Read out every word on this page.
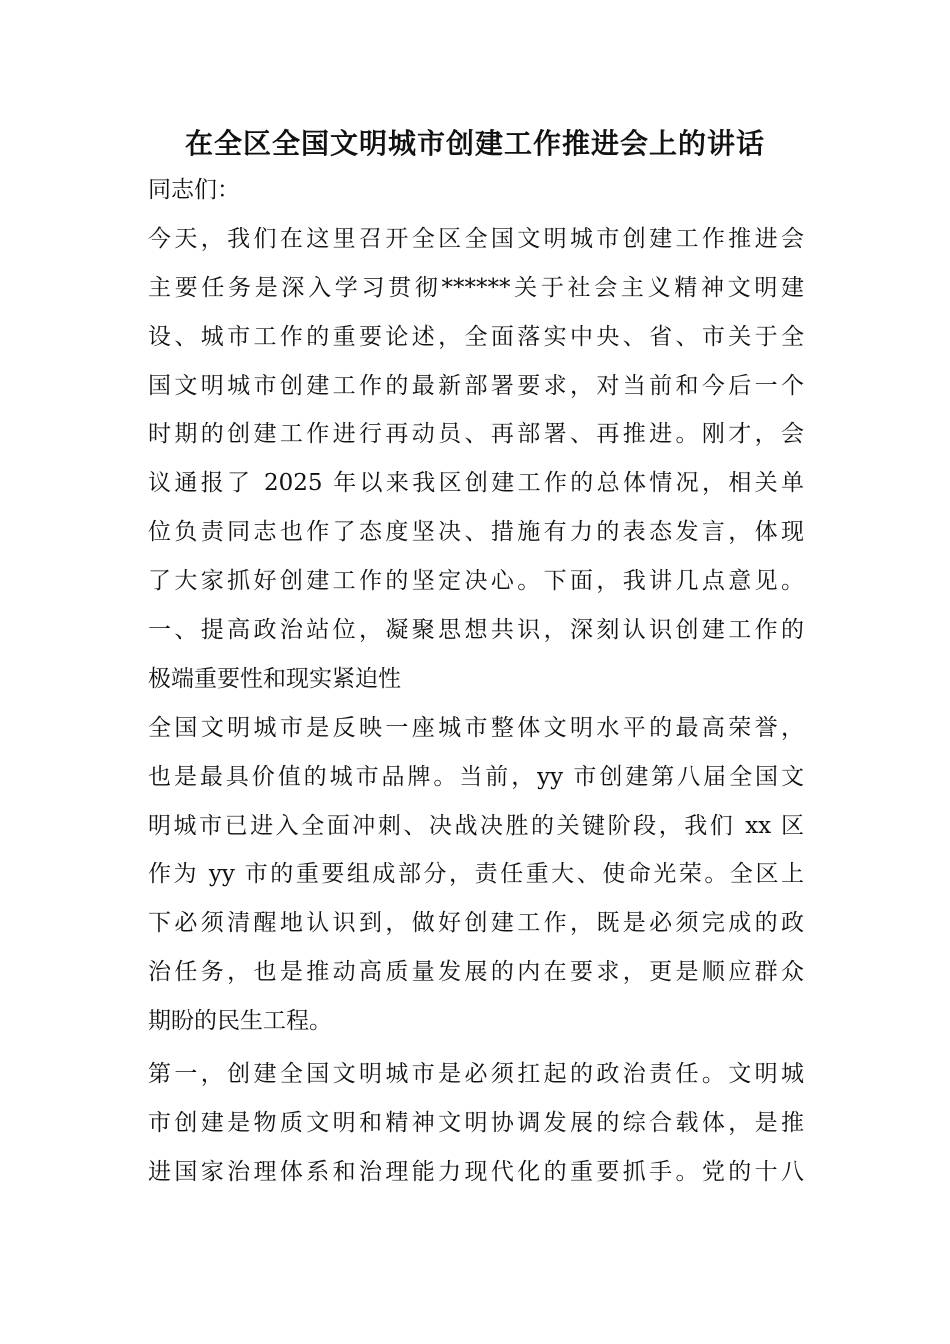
在全区全国文明城市创建工作推进会上的讲话
同志们：
今天，我们在这里召开全区全国文明城市创建工作推进会
主要任务是深入学习贯彻******关于社会主义精神文明建
设、城市工作的重要论述，全面落实中央、省、市关于全
国文明城市创建工作的最新部署要求，对当前和今后一个
时期的创建工作进行再动员、再部署、再推进。刚才，会
议通报了 2025 年以来我区创建工作的总体情况，相关单
位负责同志也作了态度坚决、措施有力的表态发言，体现
了大家抓好创建工作的坚定决心。下面，我讲几点意见。
一、提高政治站位，凝聚思想共识，深刻认识创建工作的
极端重要性和现实紧迫性
全国文明城市是反映一座城市整体文明水平的最高荣誉，
也是最具价值的城市品牌。当前，yy 市创建第八届全国文
明城市已进入全面冲刺、决战决胜的关键阶段，我们 xx 区
作为 yy 市的重要组成部分，责任重大、使命光荣。全区上
下必须清醒地认识到，做好创建工作，既是必须完成的政
治任务，也是推动高质量发展的内在要求，更是顺应群众
期盼的民生工程。
第一，创建全国文明城市是必须扛起的政治责任。文明城
市创建是物质文明和精神文明协调发展的综合载体，是推
进国家治理体系和治理能力现代化的重要抓手。党的十八
